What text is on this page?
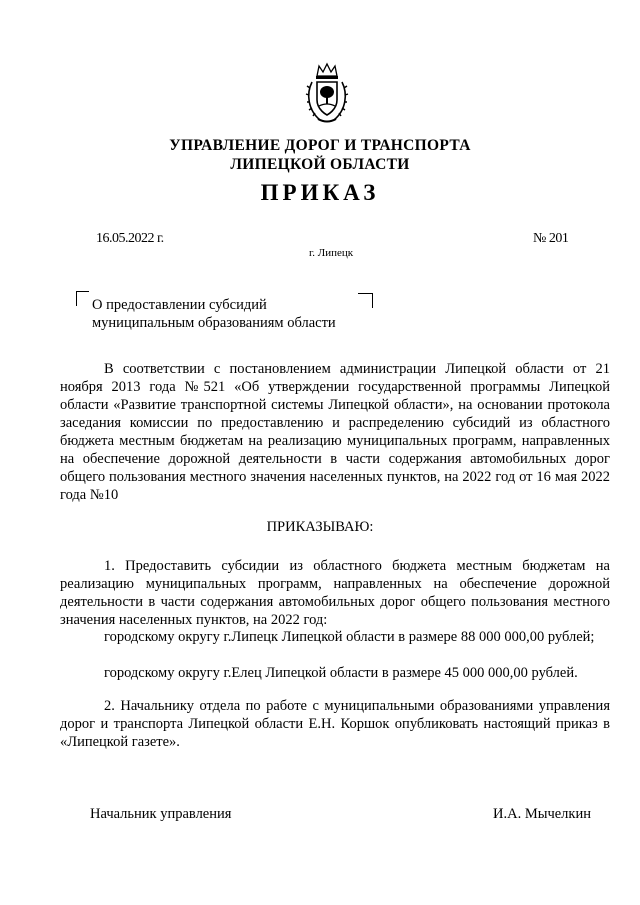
УПРАВЛЕНИЕ ДОРОГ И ТРАНСПОРТА
ЛИПЕЦКОЙ ОБЛАСТИ
ПРИКАЗ
16.05.2022 г.	№ 201
г. Липецк
О предоставлении субсидий
муниципальным образованиям области

В соответствии с постановлением администрации Липецкой области от 21 ноября 2013 года №521 «Об утверждении государственной программы Липецкой области «Развитие транспортной системы Липецкой области», на основании протокола заседания комиссии по предоставлению и распределению субсидий из областного бюджета местным бюджетам на реализацию муниципальных программ, направленных на обеспечение дорожной деятельности в части содержания автомобильных дорог общего пользования местного значения населенных пунктов, на 2022 год от 16 мая 2022 года №10

ПРИКАЗЫВАЮ:

1. Предоставить субсидии из областного бюджета местным бюджетам на реализацию муниципальных программ, направленных на обеспечение дорожной деятельности в части содержания автомобильных дорог общего пользования местного значения населенных пунктов, на 2022 год:

городскому округу г.Липецк Липецкой области в размере 88 000 000,00 рублей;

городскому округу г.Елец Липецкой области в размере 45 000 000,00 рублей.

2. Начальнику отдела по работе с муниципальными образованиями управления дорог и транспорта Липецкой области Е.Н. Коршок опубликовать настоящий приказ в «Липецкой газете».

Начальник управления	И.А. Мычелкин
